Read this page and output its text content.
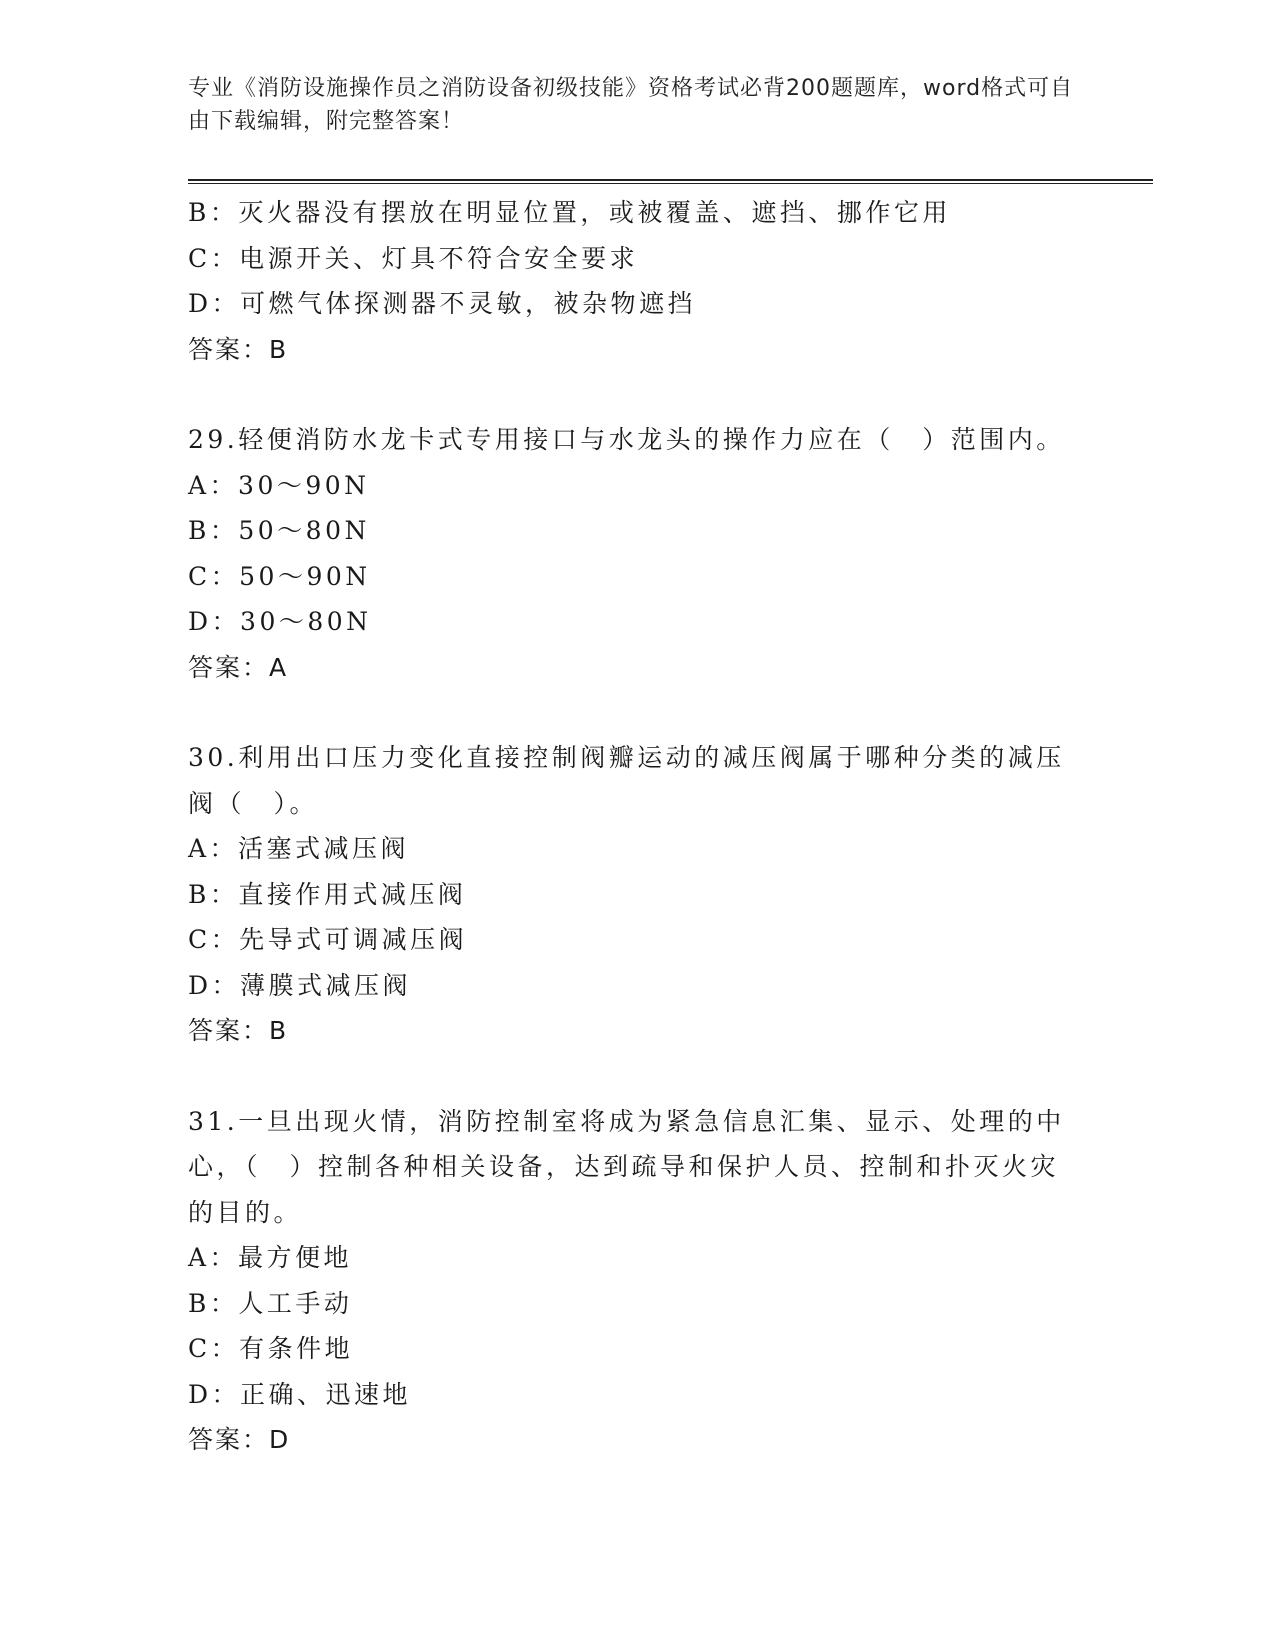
专业《消防设施操作员之消防设备初级技能》资格考试必背200题题库，word格式可自由下载编辑，附完整答案！
B：灭火器没有摆放在明显位置，或被覆盖、遮挡、挪作它用
C：电源开关、灯具不符合安全要求
D：可燃气体探测器不灵敏，被杂物遮挡
答案：B
29.轻便消防水龙卡式专用接口与水龙头的操作力应在（　）范围内。
A：30～90N
B：50～80N
C：50～90N
D：30～80N
答案：A
30.利用出口压力变化直接控制阀瓣运动的减压阀属于哪种分类的减压阀（　）。
A：活塞式减压阀
B：直接作用式减压阀
C：先导式可调减压阀
D：薄膜式减压阀
答案：B
31.一旦出现火情，消防控制室将成为紧急信息汇集、显示、处理的中心，（　）控制各种相关设备，达到疏导和保护人员、控制和扑灭火灾的目的。
A：最方便地
B：人工手动
C：有条件地
D：正确、迅速地
答案：D
